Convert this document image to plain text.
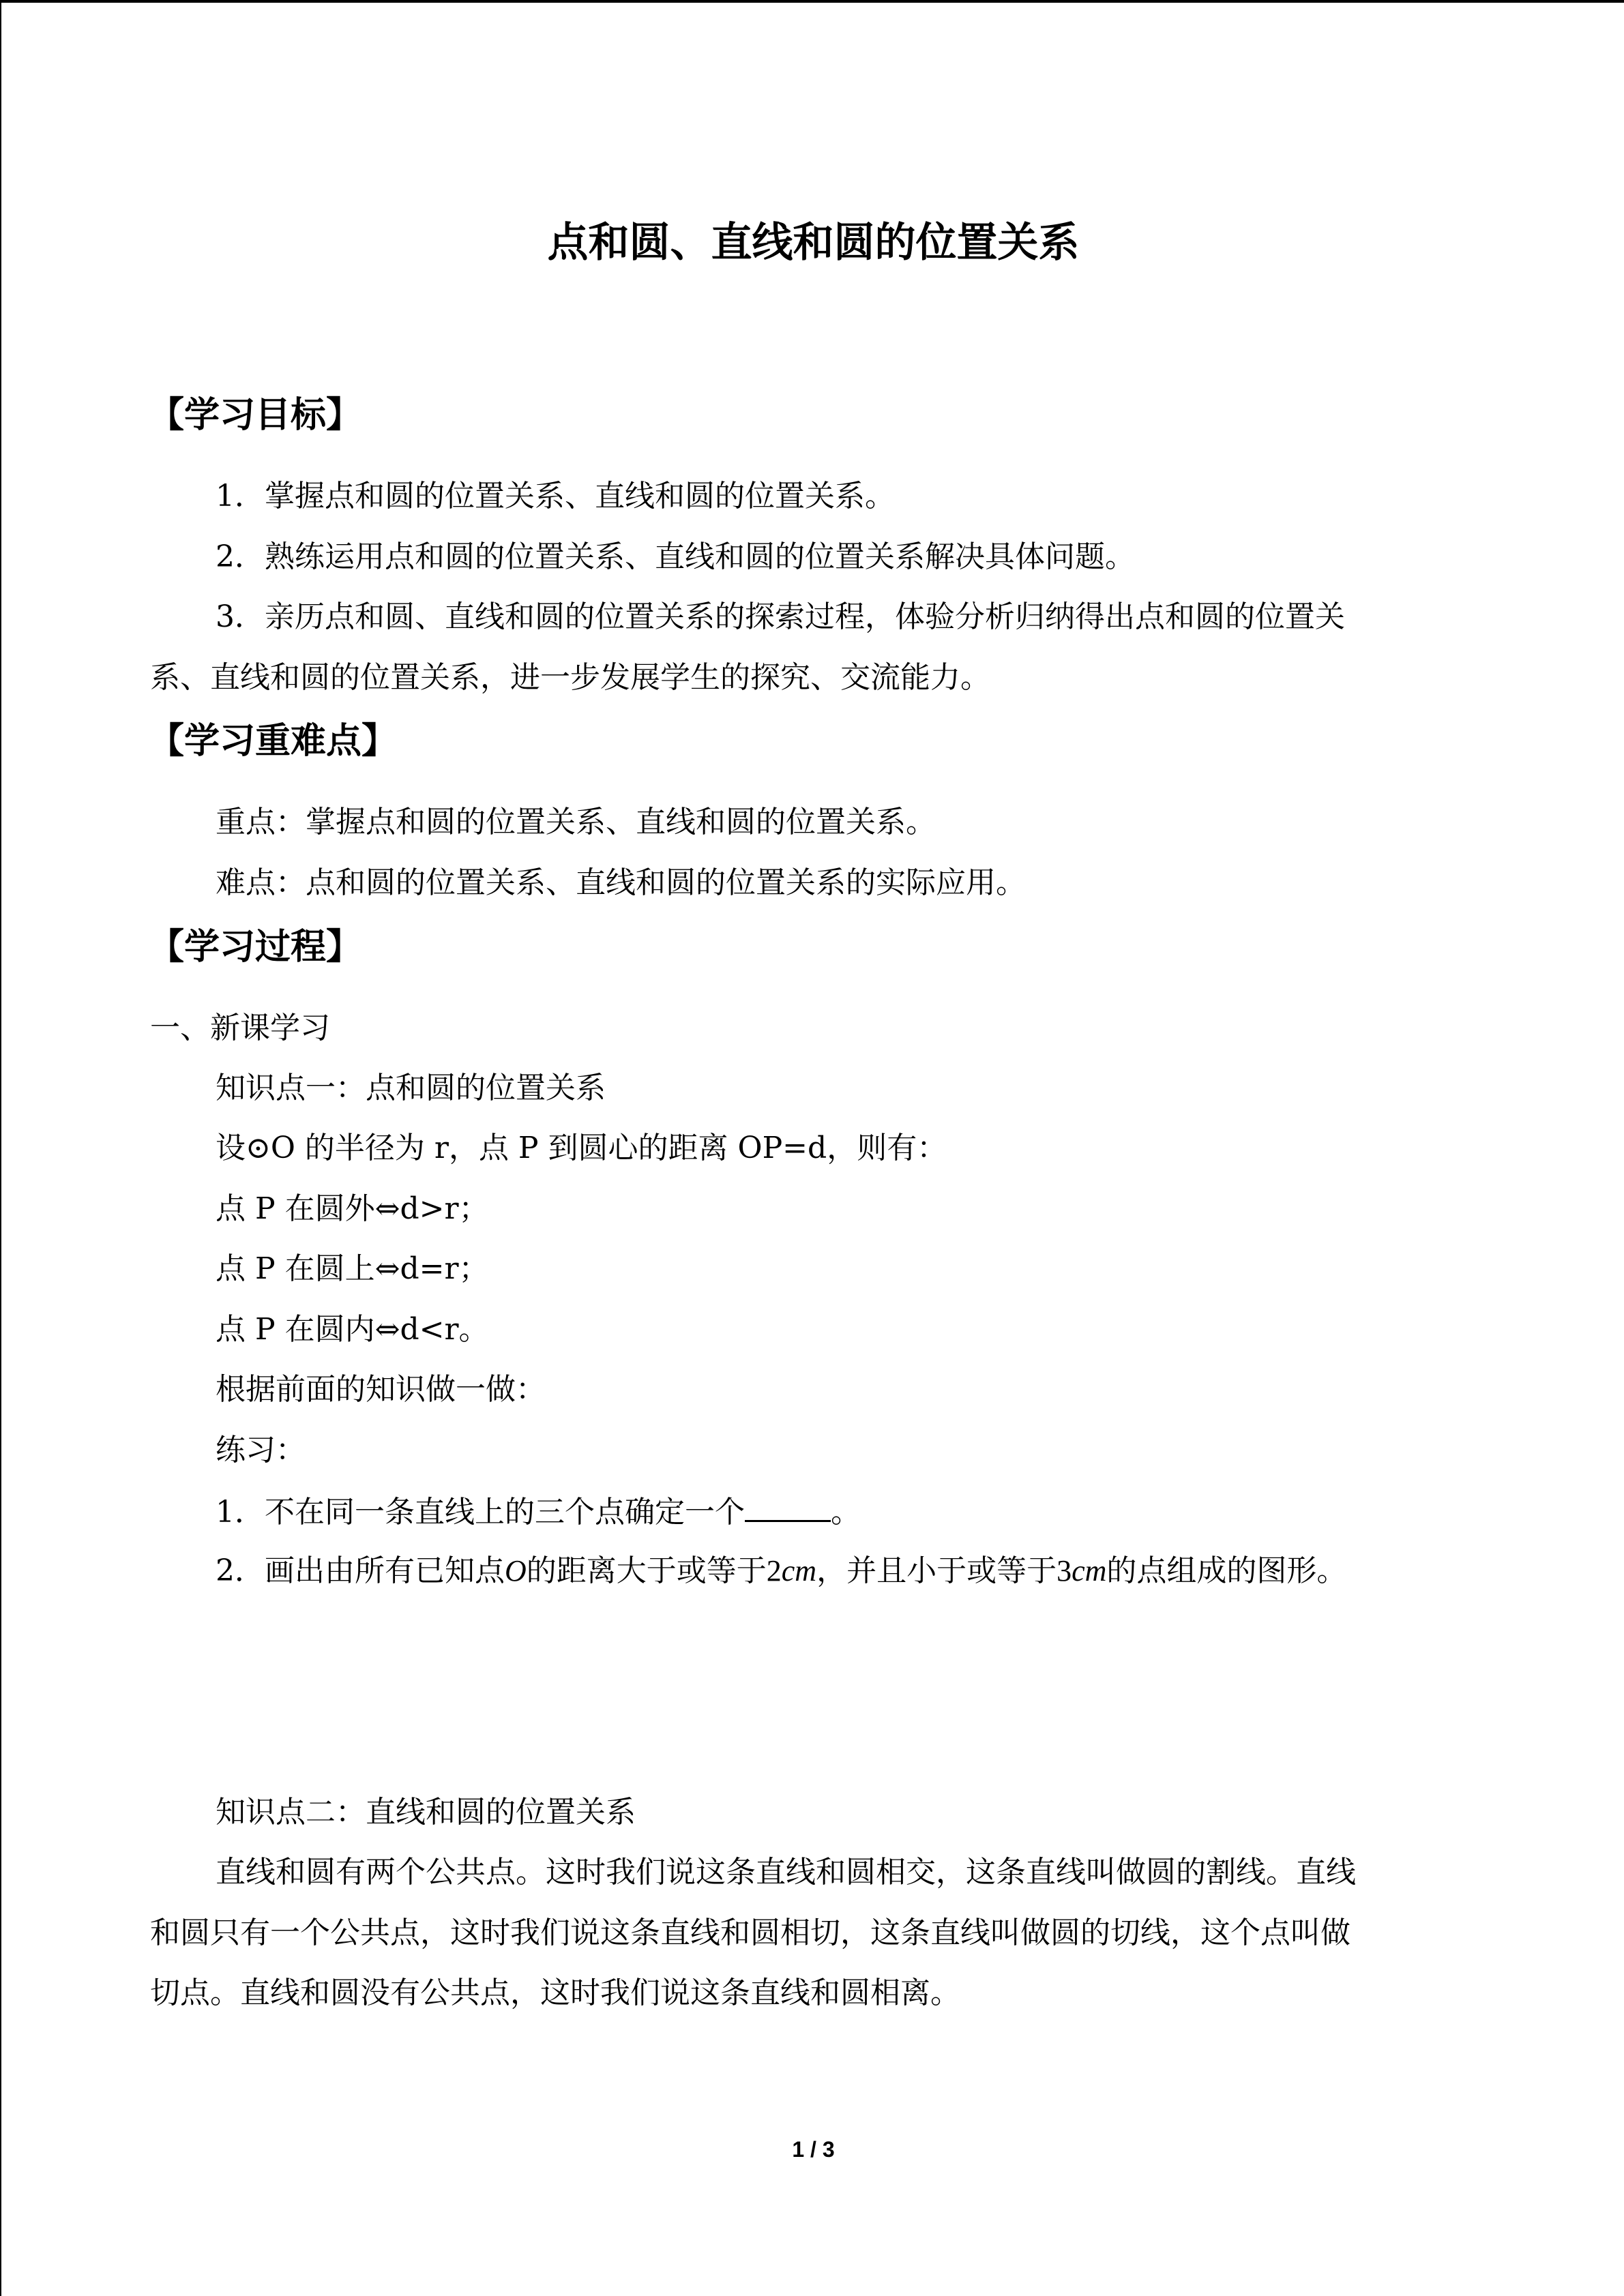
点和圆、直线和圆的位置关系
【学习目标】
1．掌握点和圆的位置关系、直线和圆的位置关系。
2．熟练运用点和圆的位置关系、直线和圆的位置关系解决具体问题。
3．亲历点和圆、直线和圆的位置关系的探索过程，体验分析归纳得出点和圆的位置关
系、直线和圆的位置关系，进一步发展学生的探究、交流能力。
【学习重难点】
重点：掌握点和圆的位置关系、直线和圆的位置关系。
难点：点和圆的位置关系、直线和圆的位置关系的实际应用。
【学习过程】
一、新课学习
知识点一：点和圆的位置关系
设⊙O 的半径为 r，点 P 到圆心的距离 OP=d，则有：
点 P 在圆外⇔d>r；
点 P 在圆上⇔d=r；
点 P 在圆内⇔d<r。
根据前面的知识做一做：
练习：
1．不在同一条直线上的三个点确定一个	。
2．画出由所有已知点O的距离大于或等于2cm，并且小于或等于3cm的点组成的图形。
知识点二：直线和圆的位置关系
直线和圆有两个公共点。这时我们说这条直线和圆相交，这条直线叫做圆的割线。直线
和圆只有一个公共点，这时我们说这条直线和圆相切，这条直线叫做圆的切线，这个点叫做
切点。直线和圆没有公共点，这时我们说这条直线和圆相离。
1 / 3
